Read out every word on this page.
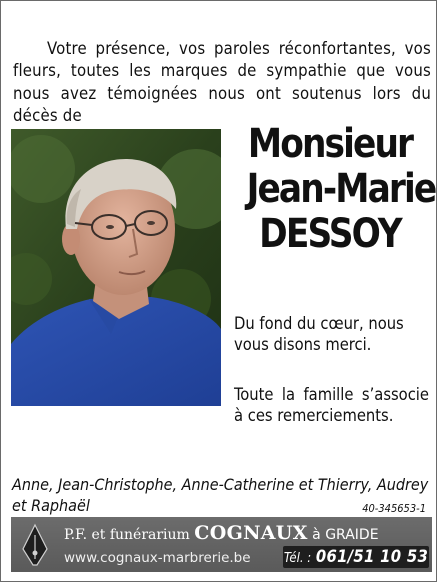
Votre présence, vos paroles réconfortantes, vos fleurs, toutes les marques de sympathie que vous nous avez témoignées nous ont soutenus lors du décès de

Monsieur
Jean-Marie
DESSOY

Du fond du cœur, nous vous disons merci.

Toute la famille s’associe à ces remerciements.

Anne, Jean-Christophe, Anne-Catherine et Thierry, Audrey et Raphaël	40-345653-1
P.F. et funérarium COGNAUX à GRAIDE
www.cognaux-marbrerie.be	Tél. : 061/51 10 53
